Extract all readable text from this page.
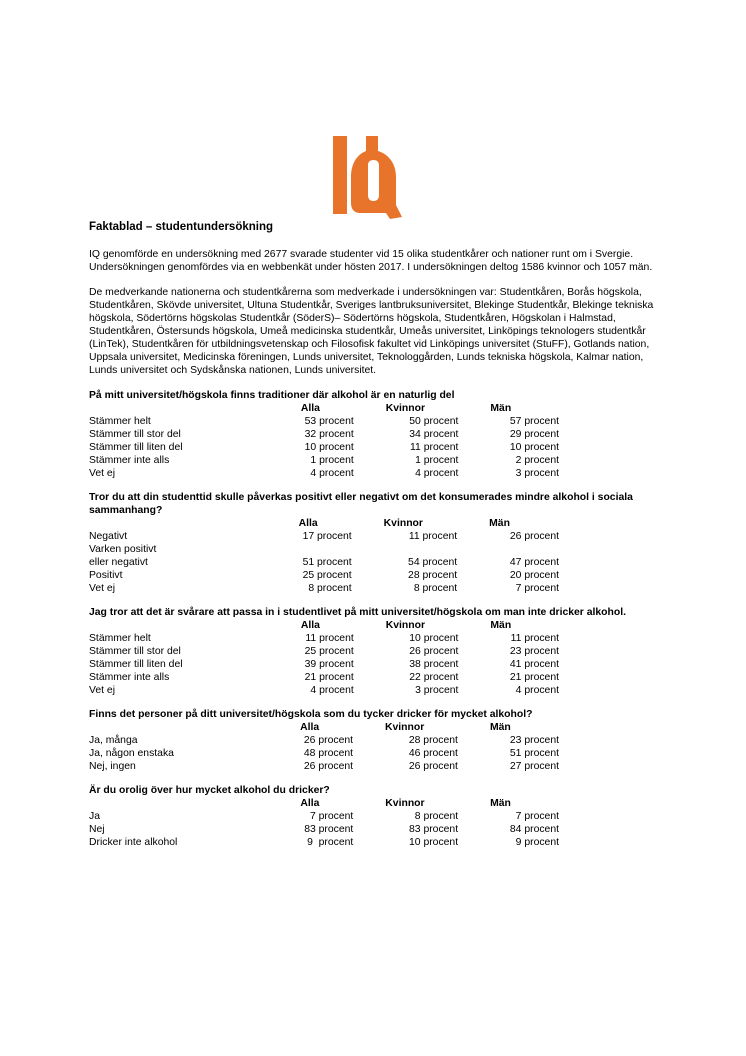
Faktablad – studentundersökning

IQ genomförde en undersökning med 2677 svarade studenter vid 15 olika studentkårer och nationer runt om i Svergie. Undersökningen genomfördes via en webbenkät under hösten 2017. I undersökningen deltog 1586 kvinnor och 1057 män.

De medverkande nationerna och studentkårerna som medverkade i undersökningen var: Studentkåren, Borås högskola, Studentkåren, Skövde universitet, Ultuna Studentkår, Sveriges lantbruksuniversitet, Blekinge Studentkår, Blekinge tekniska högskola, Södertörns högskolas Studentkår (SöderS)– Södertörns högskola, Studentkåren, Högskolan i Halmstad, Studentkåren, Östersunds högskola, Umeå medicinska studentkår, Umeås universitet, Linköpings teknologers studentkår (LinTek), Studentkåren för utbildningsvetenskap och Filosofisk fakultet vid Linköpings universitet (StuFF), Gotlands nation, Uppsala universitet, Medicinska föreningen, Lunds universitet, Teknologgården, Lunds tekniska högskola, Kalmar nation, Lunds universitet och Sydskånska nationen, Lunds universitet.

På mitt universitet/högskola finns traditioner där alkohol är en naturlig del
	Alla	Kvinnor	Män
Stämmer helt	53 procent	50 procent	57 procent
Stämmer till stor del	32 procent	34 procent	29 procent
Stämmer till liten del	10 procent	11 procent	10 procent
Stämmer inte alls	1 procent	1 procent	2 procent
Vet ej	4 procent	4 procent	3 procent
Tror du att din studenttid skulle påverkas positivt eller negativt om det konsumerades mindre alkohol i sociala sammanhang?
	Alla	Kvinnor	Män
Negativt	17 procent	11 procent	26 procent
Varken positivt			
eller negativt	51 procent	54 procent	47 procent
Positivt	25 procent	28 procent	20 procent
Vet ej	8 procent	8 procent	7 procent
Jag tror att det är svårare att passa in i studentlivet på mitt universitet/högskola om man inte dricker alkohol.
	Alla	Kvinnor	Män
Stämmer helt	11 procent	10 procent	11 procent
Stämmer till stor del	25 procent	26 procent	23 procent
Stämmer till liten del	39 procent	38 procent	41 procent
Stämmer inte alls	21 procent	22 procent	21 procent
Vet ej	4 procent	3 procent	4 procent
Finns det personer på ditt universitet/högskola som du tycker dricker för mycket alkohol?
	Alla	Kvinnor	Män
Ja, många	26 procent	28 procent	23 procent
Ja, någon enstaka	48 procent	46 procent	51 procent
Nej, ingen	26 procent	26 procent	27 procent
Är du orolig över hur mycket alkohol du dricker?
	Alla	Kvinnor	Män
Ja	7 procent	8 procent	7 procent
Nej	83 procent	83 procent	84 procent
Dricker inte alkohol	9  procent	10 procent	9 procent
